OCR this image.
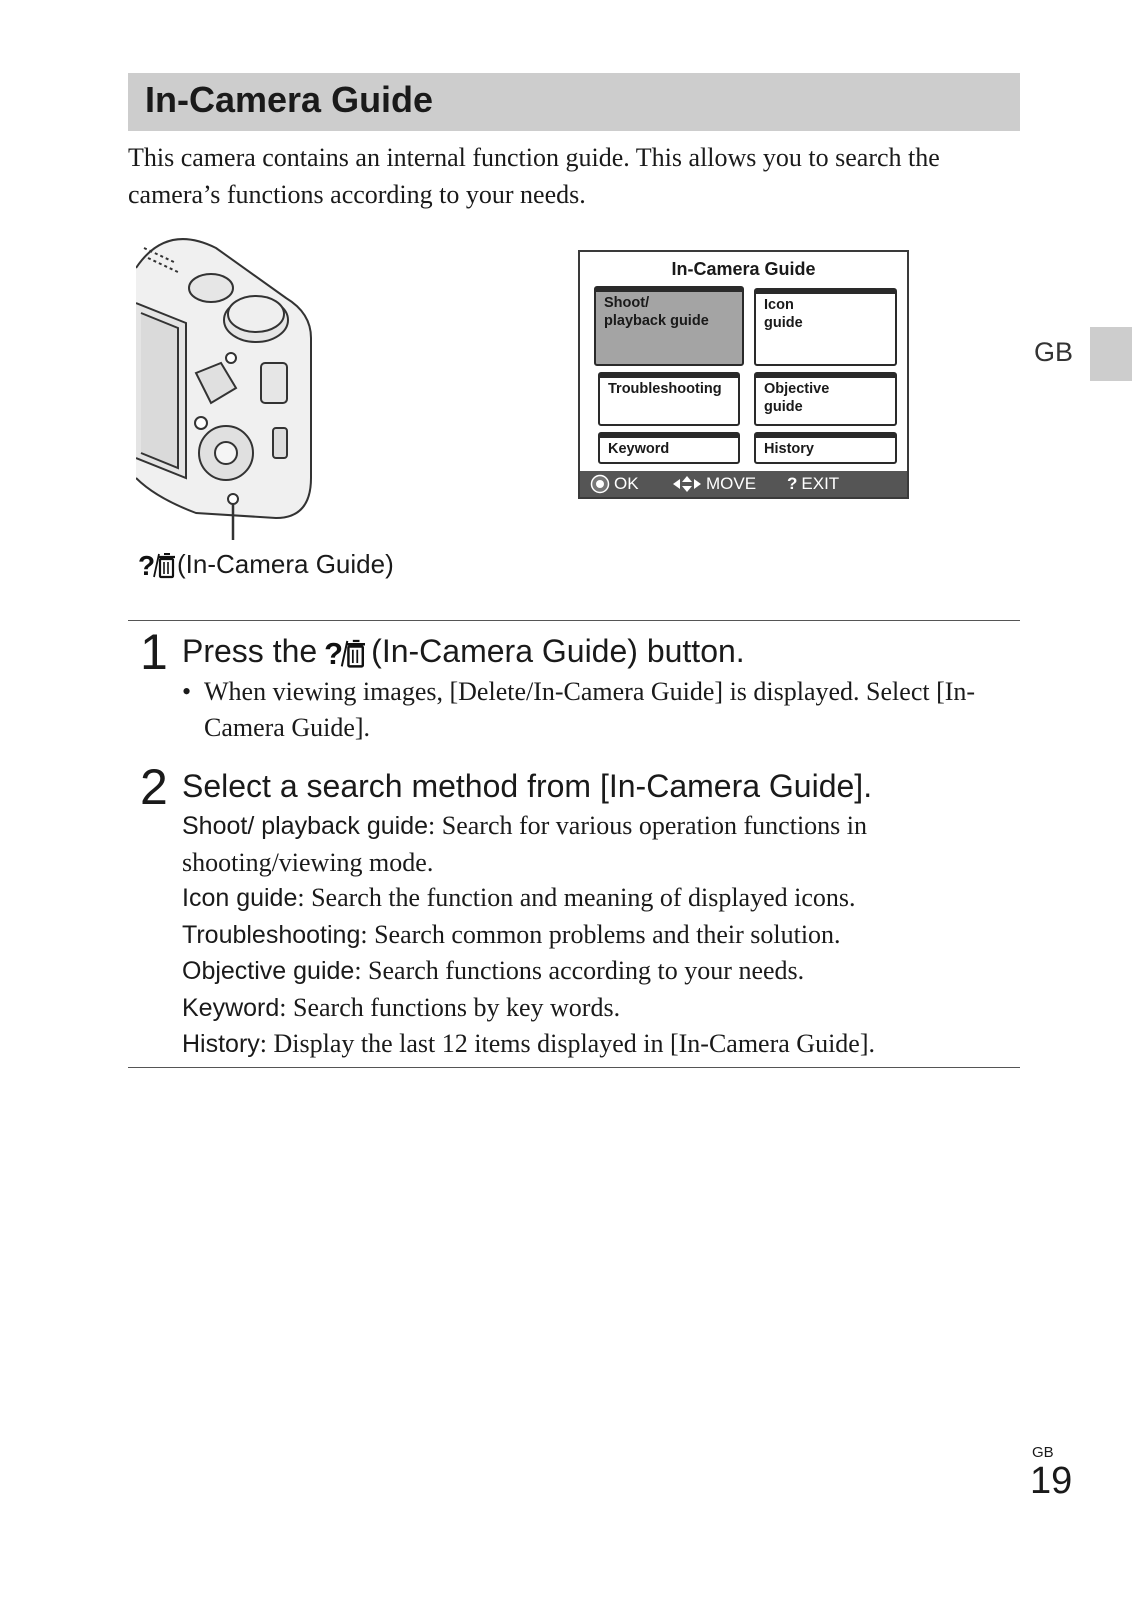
In-Camera Guide

This camera contains an internal function guide. This allows you to search the camera’s functions according to your needs.

GB
? (In-Camera Guide)
In-Camera Guide
Shoot/
playback guide
Icon
guide
Troubleshooting	Objective
guide
Keyword	History
OK	MOVE ? EXIT
1 Press the ? (In-Camera Guide) button.
• When viewing images, [Delete/In-Camera Guide] is displayed. Select [In-Camera Guide].
2 Select a search method from [In-Camera Guide].
Shoot/ playback guide: Search for various operation functions in shooting/viewing mode.
Icon guide: Search the function and meaning of displayed icons.
Troubleshooting: Search common problems and their solution.
Objective guide: Search functions according to your needs.
Keyword: Search functions by key words.
History: Display the last 12 items displayed in [In-Camera Guide].
GB
19
